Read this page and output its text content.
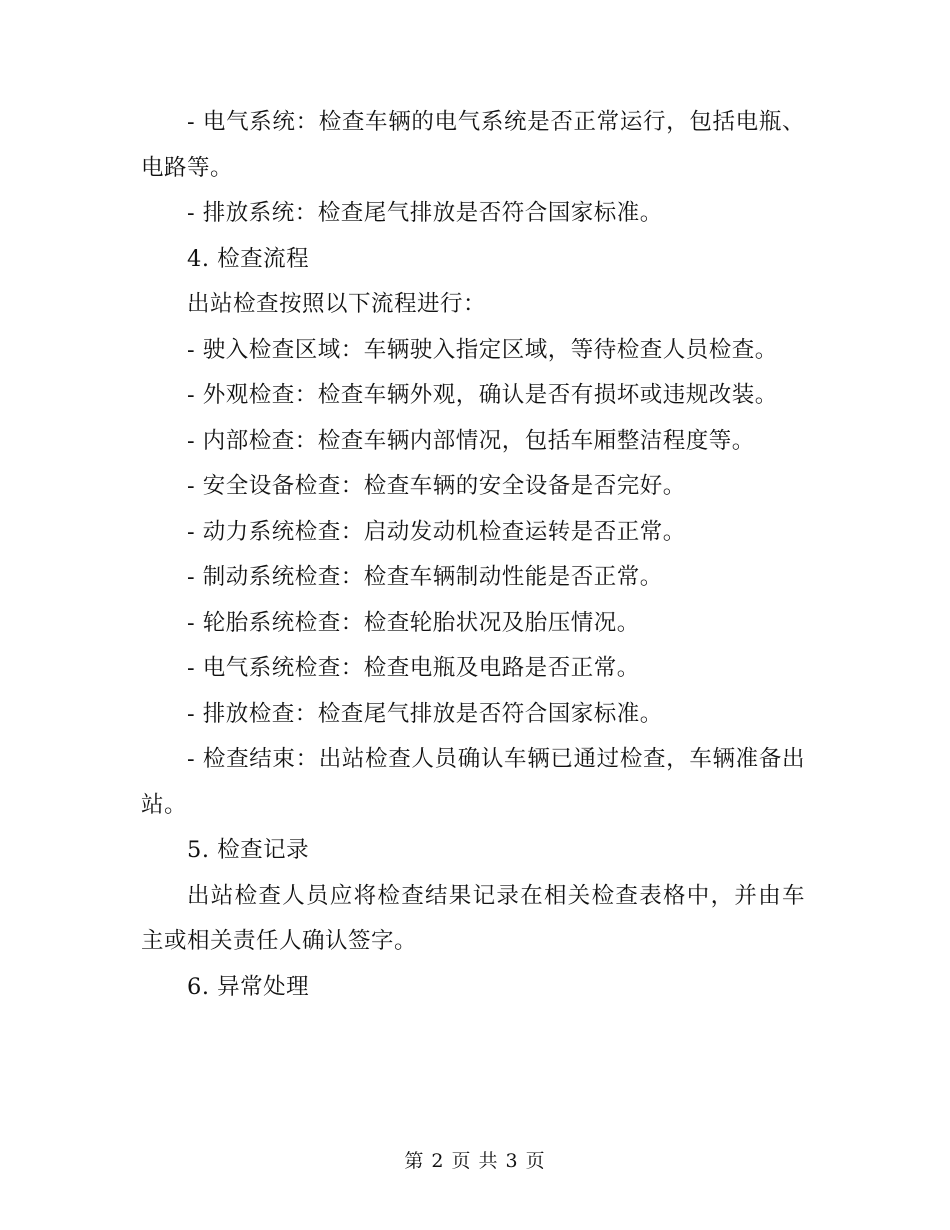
- 电气系统：检查车辆的电气系统是否正常运行，包括电瓶、电路等。

- 排放系统：检查尾气排放是否符合国家标准。

4. 检查流程

出站检查按照以下流程进行：

- 驶入检查区域：车辆驶入指定区域，等待检查人员检查。

- 外观检查：检查车辆外观，确认是否有损坏或违规改装。

- 内部检查：检查车辆内部情况，包括车厢整洁程度等。

- 安全设备检查：检查车辆的安全设备是否完好。

- 动力系统检查：启动发动机检查运转是否正常。

- 制动系统检查：检查车辆制动性能是否正常。

- 轮胎系统检查：检查轮胎状况及胎压情况。

- 电气系统检查：检查电瓶及电路是否正常。

- 排放检查：检查尾气排放是否符合国家标准。

- 检查结束：出站检查人员确认车辆已通过检查，车辆准备出站。

5. 检查记录

出站检查人员应将检查结果记录在相关检查表格中，并由车主或相关责任人确认签字。

6. 异常处理

第 2 页 共 3 页
